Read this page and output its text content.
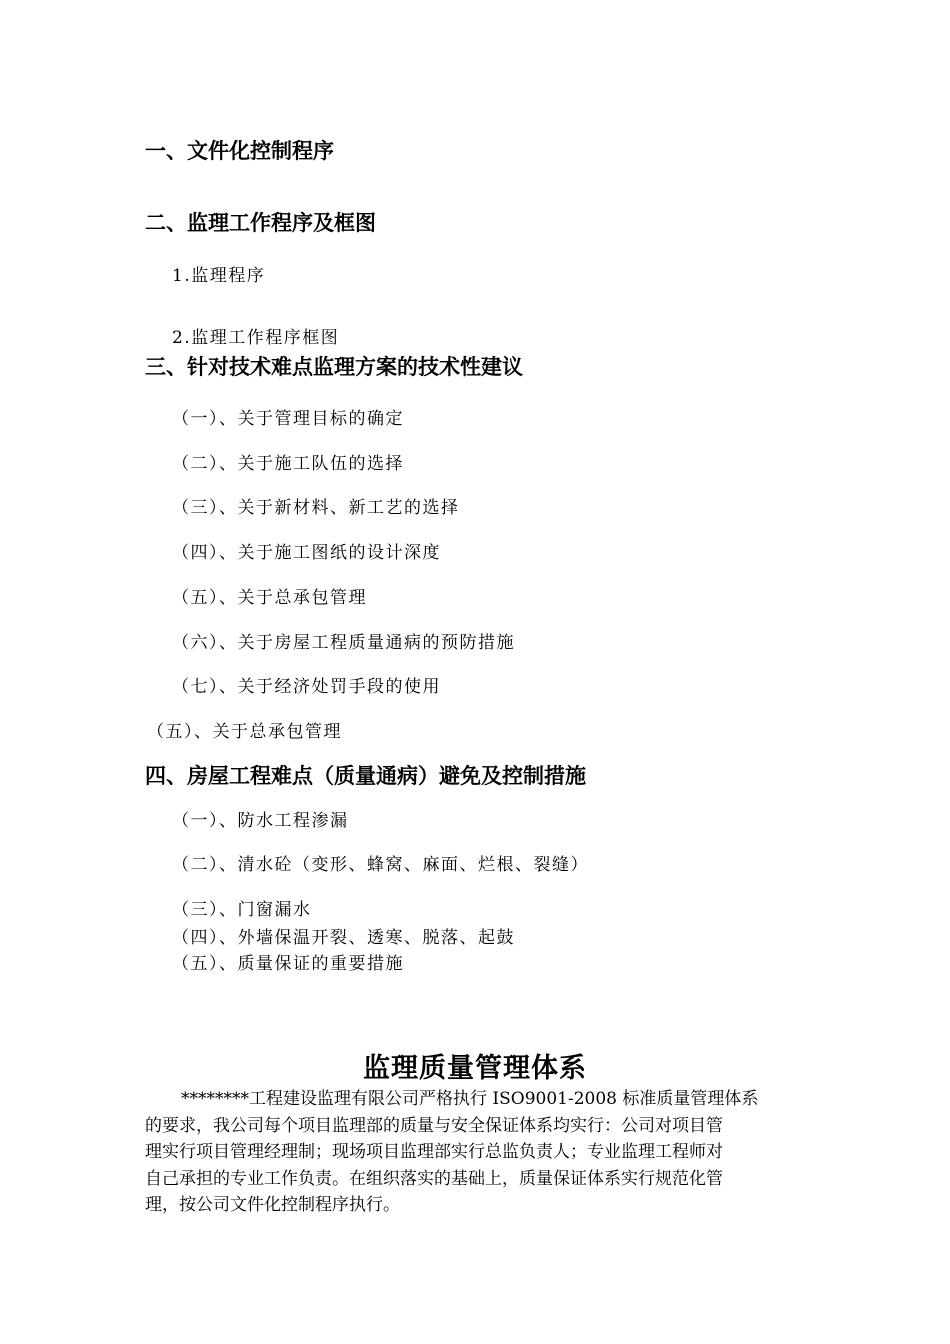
一、文件化控制程序
二、监理工作程序及框图
1.监理程序
2.监理工作程序框图
三、针对技术难点监理方案的技术性建议
（一）、关于管理目标的确定
（二）、关于施工队伍的选择
（三）、关于新材料、新工艺的选择
（四）、关于施工图纸的设计深度
（五）、关于总承包管理
（六）、关于房屋工程质量通病的预防措施
（七）、关于经济处罚手段的使用
（五）、关于总承包管理
四、房屋工程难点（质量通病）避免及控制措施
（一）、防水工程渗漏
（二）、清水砼（变形、蜂窝、麻面、烂根、裂缝）
（三）、门窗漏水
（四）、外墙保温开裂、透寒、脱落、起鼓
（五）、质量保证的重要措施
监理质量管理体系
********工程建设监理有限公司严格执行 ISO9001-2008 标准质量管理体系
的要求，我公司每个项目监理部的质量与安全保证体系均实行：公司对项目管
理实行项目管理经理制；现场项目监理部实行总监负责人；专业监理工程师对
自己承担的专业工作负责。在组织落实的基础上，质量保证体系实行规范化管
理，按公司文件化控制程序执行。
